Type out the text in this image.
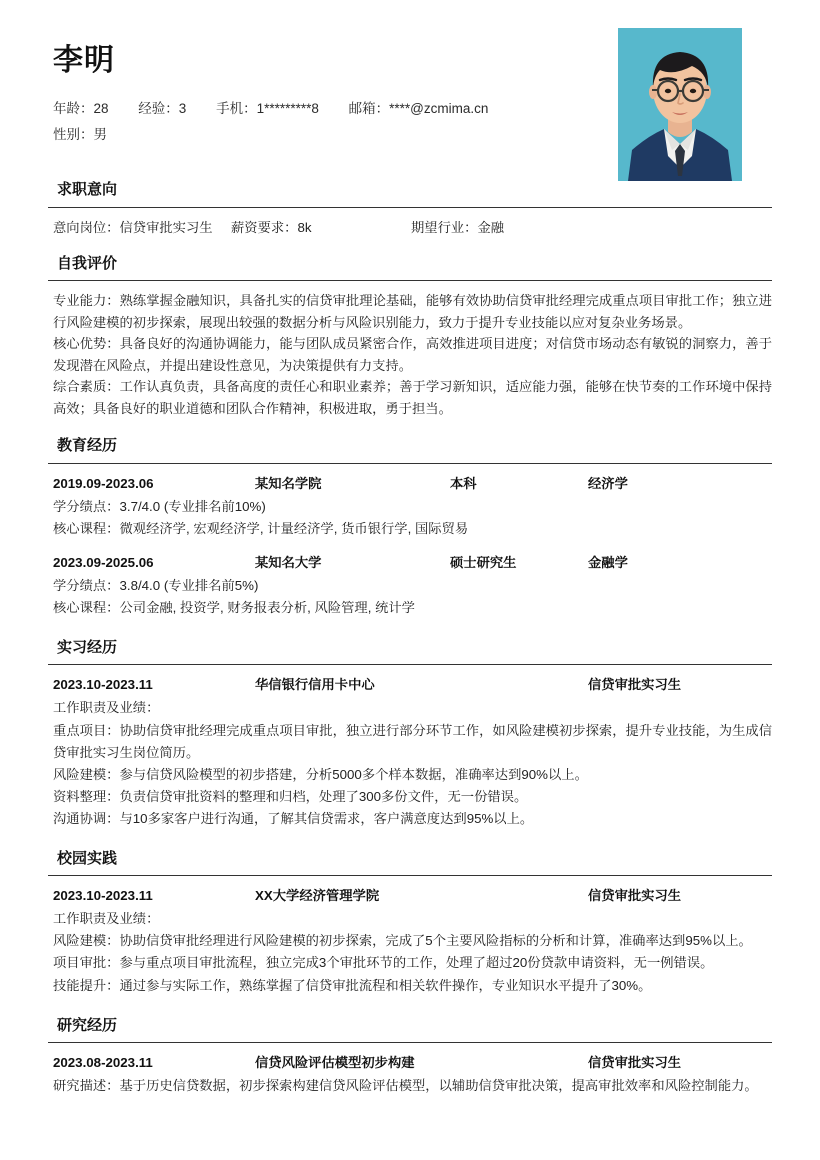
李明
年龄：28 经验：3 手机：1*********8 邮箱：****@zcmima.cn
性别：男
求职意向
意向岗位：信贷审批实习生 薪资要求：8k	期望行业：金融
自我评价

专业能力：熟练掌握金融知识，具备扎实的信贷审批理论基础，能够有效协助信贷审批经理完成重点项目审批工作；独立进行风险建模的初步探索，展现出较强的数据分析与风险识别能力，致力于提升专业技能以应对复杂业务场景。

核心优势：具备良好的沟通协调能力，能与团队成员紧密合作，高效推进项目进度；对信贷市场动态有敏锐的洞察力，善于发现潜在风险点，并提出建设性意见，为决策提供有力支持。

综合素质：工作认真负责，具备高度的责任心和职业素养；善于学习新知识，适应能力强，能够在快节奏的工作环境中保持高效；具备良好的职业道德和团队合作精神，积极进取，勇于担当。

教育经历
2019.09-2023.06	某知名学院	本科	经济学

学分绩点：3.7/4.0 (专业排名前10%)

核心课程：微观经济学, 宏观经济学, 计量经济学, 货币银行学, 国际贸易

2023.09-2025.06	某知名大学	硕士研究生	金融学

学分绩点：3.8/4.0 (专业排名前5%)

核心课程：公司金融, 投资学, 财务报表分析, 风险管理, 统计学

实习经历
2023.10-2023.11	华信银行信用卡中心	信贷审批实习生

工作职责及业绩：

重点项目：协助信贷审批经理完成重点项目审批，独立进行部分环节工作，如风险建模初步探索，提升专业技能，为生成信贷审批实习生岗位简历。

风险建模：参与信贷风险模型的初步搭建，分析5000多个样本数据，准确率达到90%以上。

资料整理：负责信贷审批资料的整理和归档，处理了300多份文件，无一份错误。

沟通协调：与10多家客户进行沟通，了解其信贷需求，客户满意度达到95%以上。

校园实践
2023.10-2023.11	XX大学经济管理学院	信贷审批实习生

工作职责及业绩：

风险建模：协助信贷审批经理进行风险建模的初步探索，完成了5个主要风险指标的分析和计算，准确率达到95%以上。

项目审批：参与重点项目审批流程，独立完成3个审批环节的工作，处理了超过20份贷款申请资料，无一例错误。

技能提升：通过参与实际工作，熟练掌握了信贷审批流程和相关软件操作，专业知识水平提升了30%。

研究经历
2023.08-2023.11	信贷风险评估模型初步构建	信贷审批实习生

研究描述：基于历史信贷数据，初步探索构建信贷风险评估模型，以辅助信贷审批决策，提高审批效率和风险控制能力。
